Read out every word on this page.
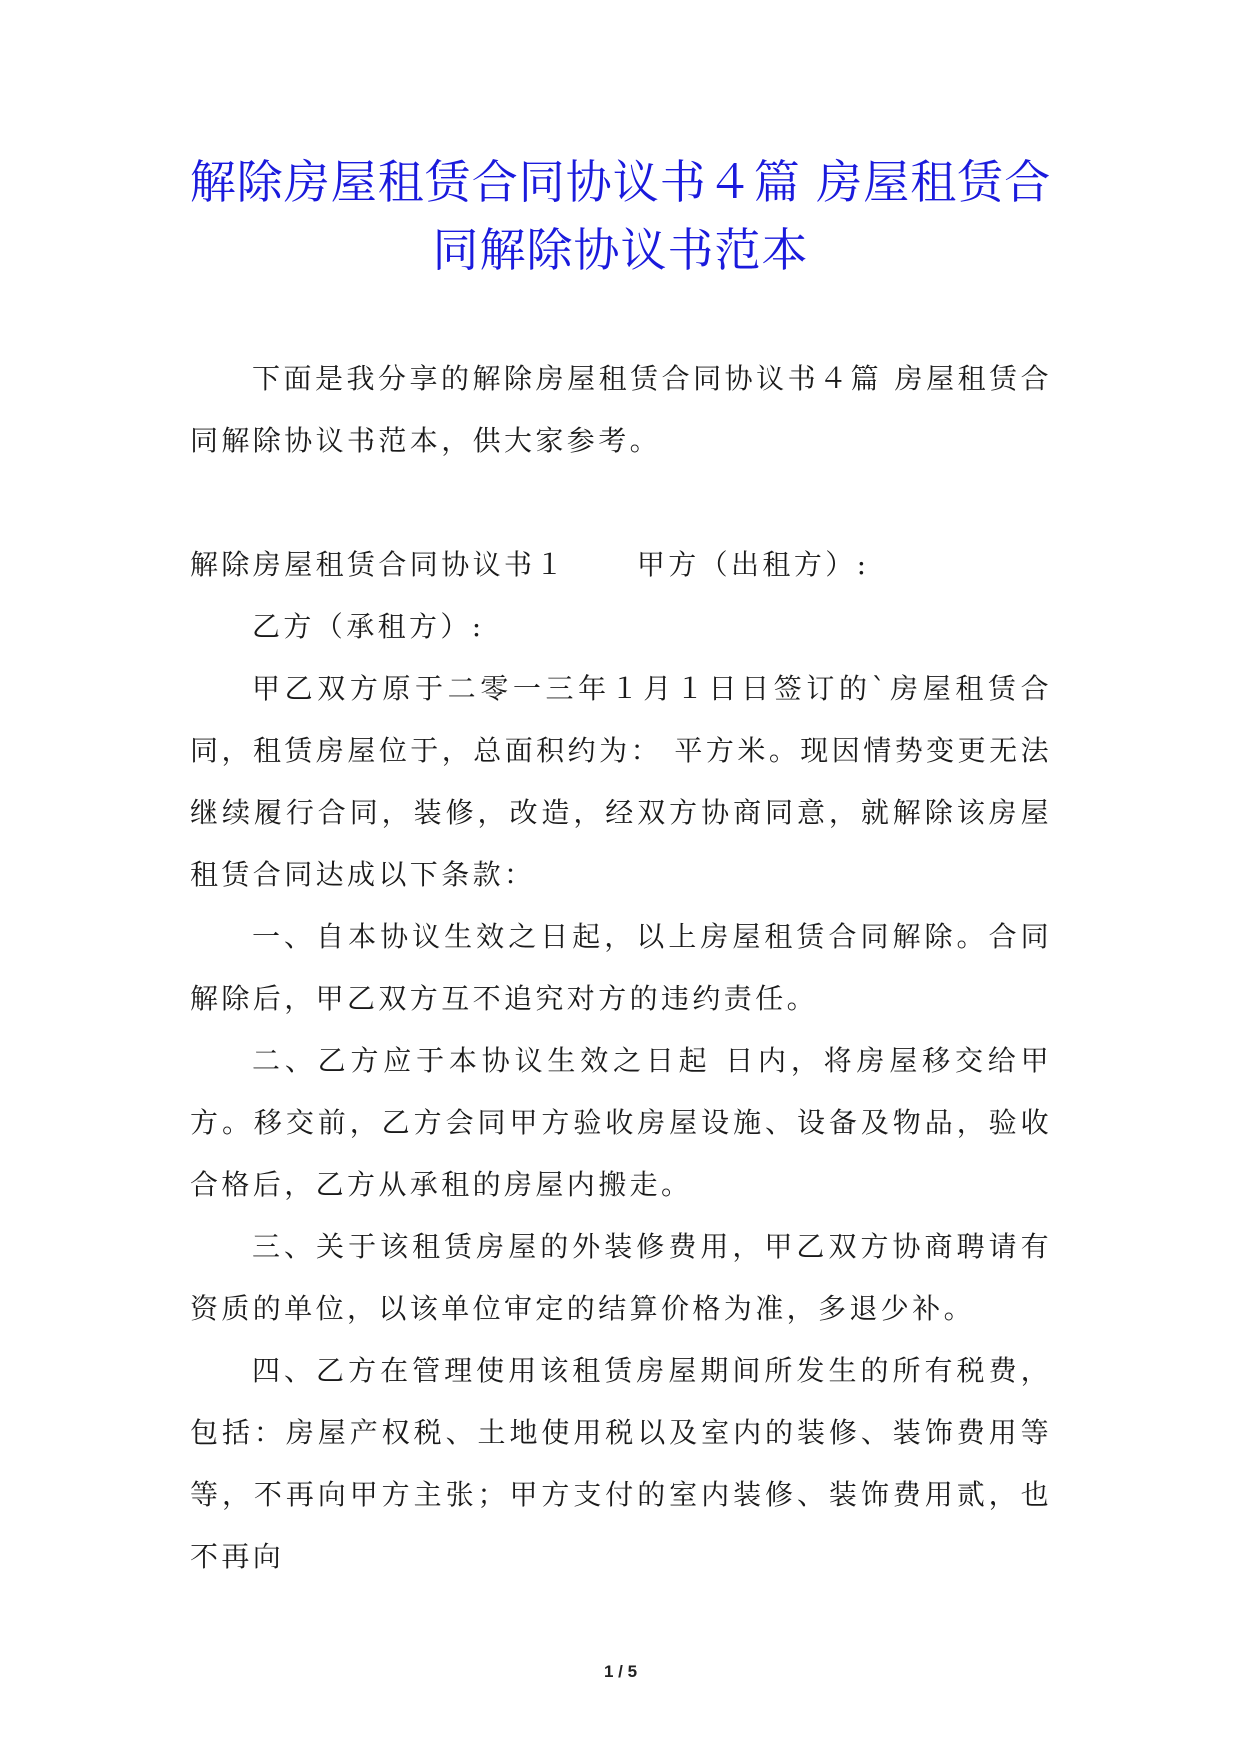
解除房屋租赁合同协议书４篇 房屋租赁合
同解除协议书范本

下面是我分享的解除房屋租赁合同协议书４篇 房屋租赁合同解除协议书范本，供大家参考。

解除房屋租赁合同协议书１	甲方（出租方）:

乙方（承租方）:

甲乙双方原于二零一三年１月１日日签订的`房屋租赁合同，租赁房屋位于，总面积约为： 平方米。现因情势变更无法继续履行合同，装修，改造，经双方协商同意，就解除该房屋租赁合同达成以下条款：

一、自本协议生效之日起，以上房屋租赁合同解除。合同解除后，甲乙双方互不追究对方的违约责任。

二、乙方应于本协议生效之日起 日内，将房屋移交给甲方。移交前，乙方会同甲方验收房屋设施、设备及物品，验收合格后，乙方从承租的房屋内搬走。

三、关于该租赁房屋的外装修费用，甲乙双方协商聘请有资质的单位，以该单位审定的结算价格为准，多退少补。

四、乙方在管理使用该租赁房屋期间所发生的所有税费，包括：房屋产权税、土地使用税以及室内的装修、装饰费用等等，不再向甲方主张；甲方支付的室内装修、装饰费用贰，也不再向

1 / 5
